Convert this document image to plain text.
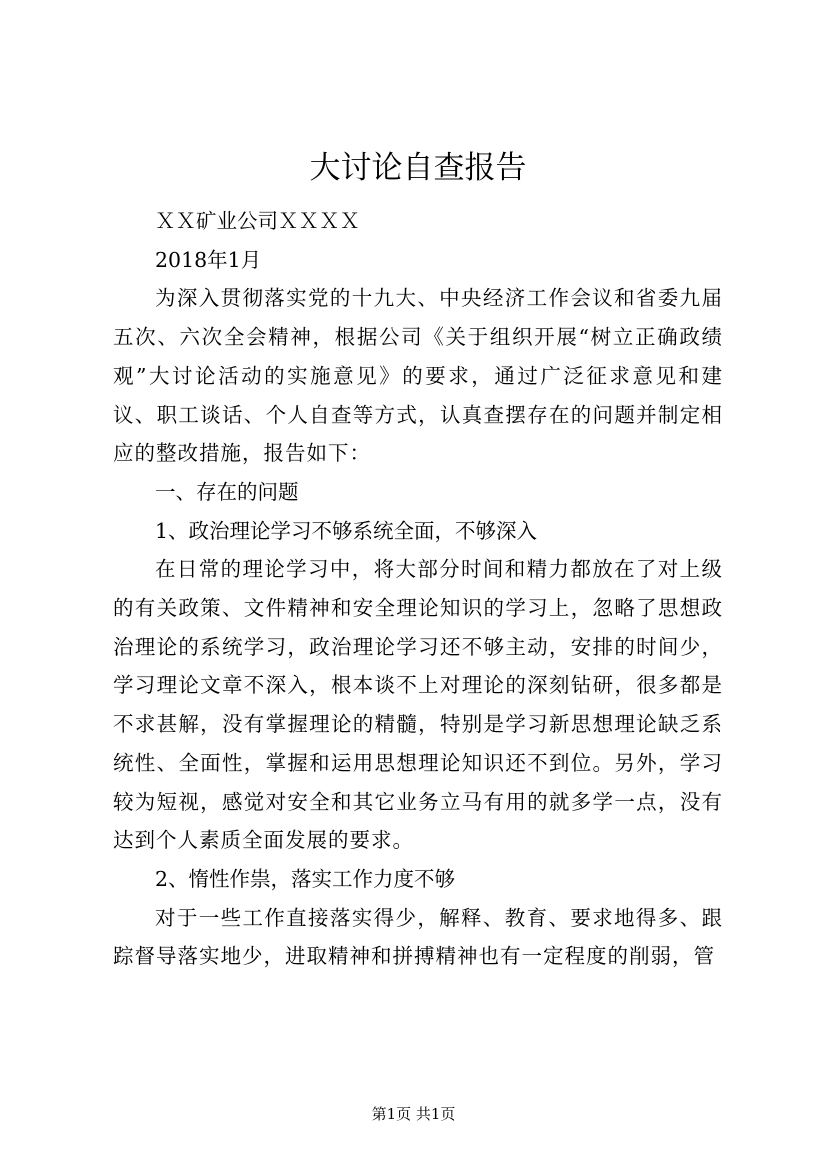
大讨论自查报告

ＸＸ矿业公司ＸＸＸＸ

2018年1月

为深入贯彻落实党的十九大、中央经济工作会议和省委九届五次、六次全会精神，根据公司《关于组织开展“树立正确政绩观”大讨论活动的实施意见》的要求，通过广泛征求意见和建议、职工谈话、个人自查等方式，认真查摆存在的问题并制定相应的整改措施，报告如下：

一、存在的问题

1、政治理论学习不够系统全面，不够深入

在日常的理论学习中，将大部分时间和精力都放在了对上级的有关政策、文件精神和安全理论知识的学习上，忽略了思想政治理论的系统学习，政治理论学习还不够主动，安排的时间少，学习理论文章不深入，根本谈不上对理论的深刻钻研，很多都是不求甚解，没有掌握理论的精髓，特别是学习新思想理论缺乏系统性、全面性，掌握和运用思想理论知识还不到位。另外，学习较为短视，感觉对安全和其它业务立马有用的就多学一点，没有达到个人素质全面发展的要求。

2、惰性作祟，落实工作力度不够

对于一些工作直接落实得少，解释、教育、要求地得多、跟踪督导落实地少，进取精神和拼搏精神也有一定程度的削弱，管

第1页 共1页
